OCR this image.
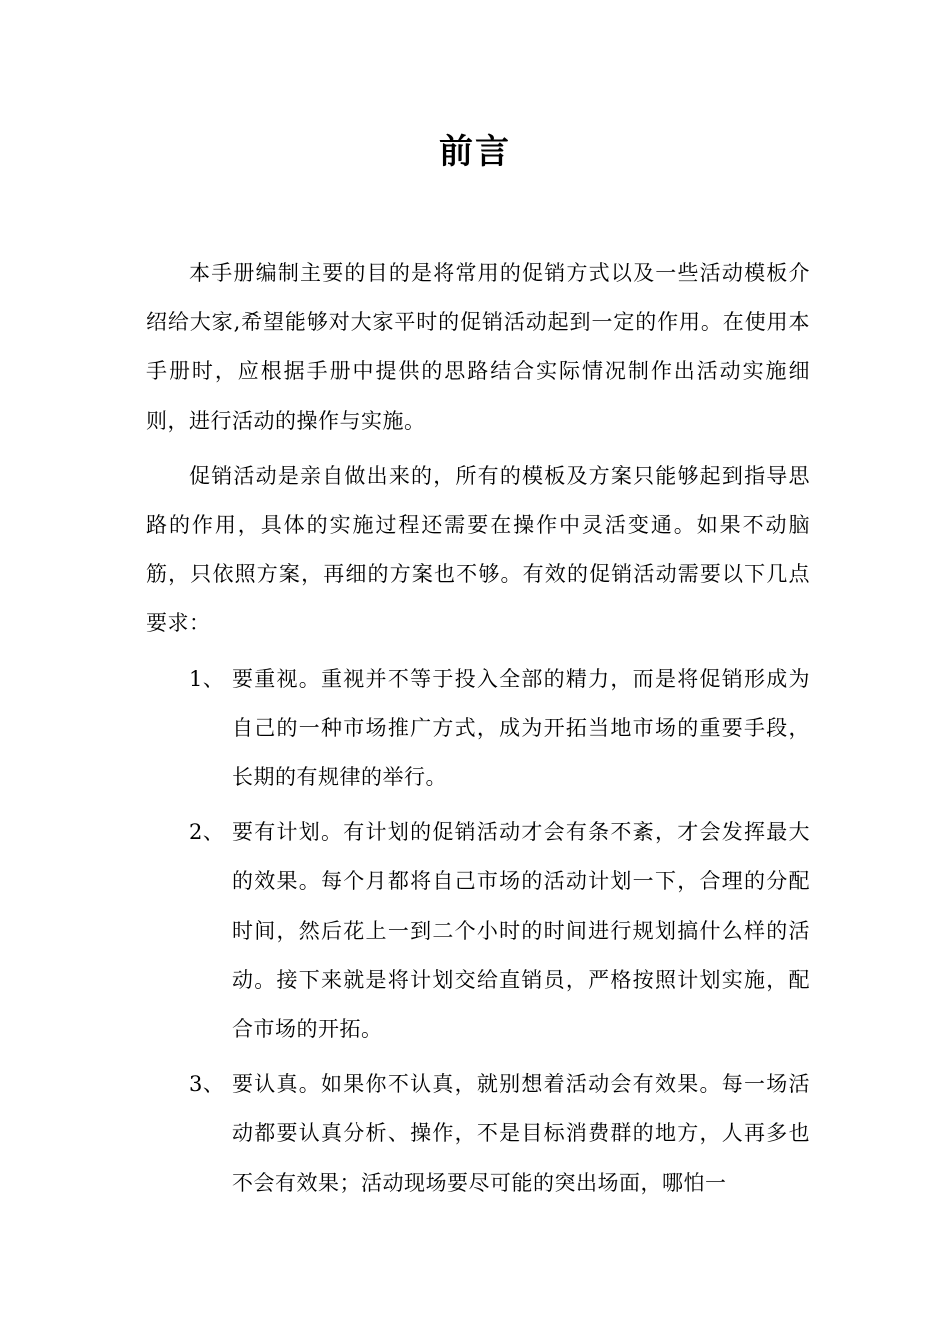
前言

本手册编制主要的目的是将常用的促销方式以及一些活动模板介绍给大家,希望能够对大家平时的促销活动起到一定的作用。在使用本手册时，应根据手册中提供的思路结合实际情况制作出活动实施细则，进行活动的操作与实施。

促销活动是亲自做出来的，所有的模板及方案只能够起到指导思路的作用，具体的实施过程还需要在操作中灵活变通。如果不动脑筋，只依照方案，再细的方案也不够。有效的促销活动需要以下几点要求：

1、 要重视。重视并不等于投入全部的精力，而是将促销形成为自己的一种市场推广方式，成为开拓当地市场的重要手段，长期的有规律的举行。
2、 要有计划。有计划的促销活动才会有条不紊，才会发挥最大的效果。每个月都将自己市场的活动计划一下，合理的分配时间，然后花上一到二个小时的时间进行规划搞什么样的活动。接下来就是将计划交给直销员，严格按照计划实施，配合市场的开拓。
3、 要认真。如果你不认真，就别想着活动会有效果。每一场活动都要认真分析、操作，不是目标消费群的地方，人再多也不会有效果；活动现场要尽可能的突出场面，哪怕一
